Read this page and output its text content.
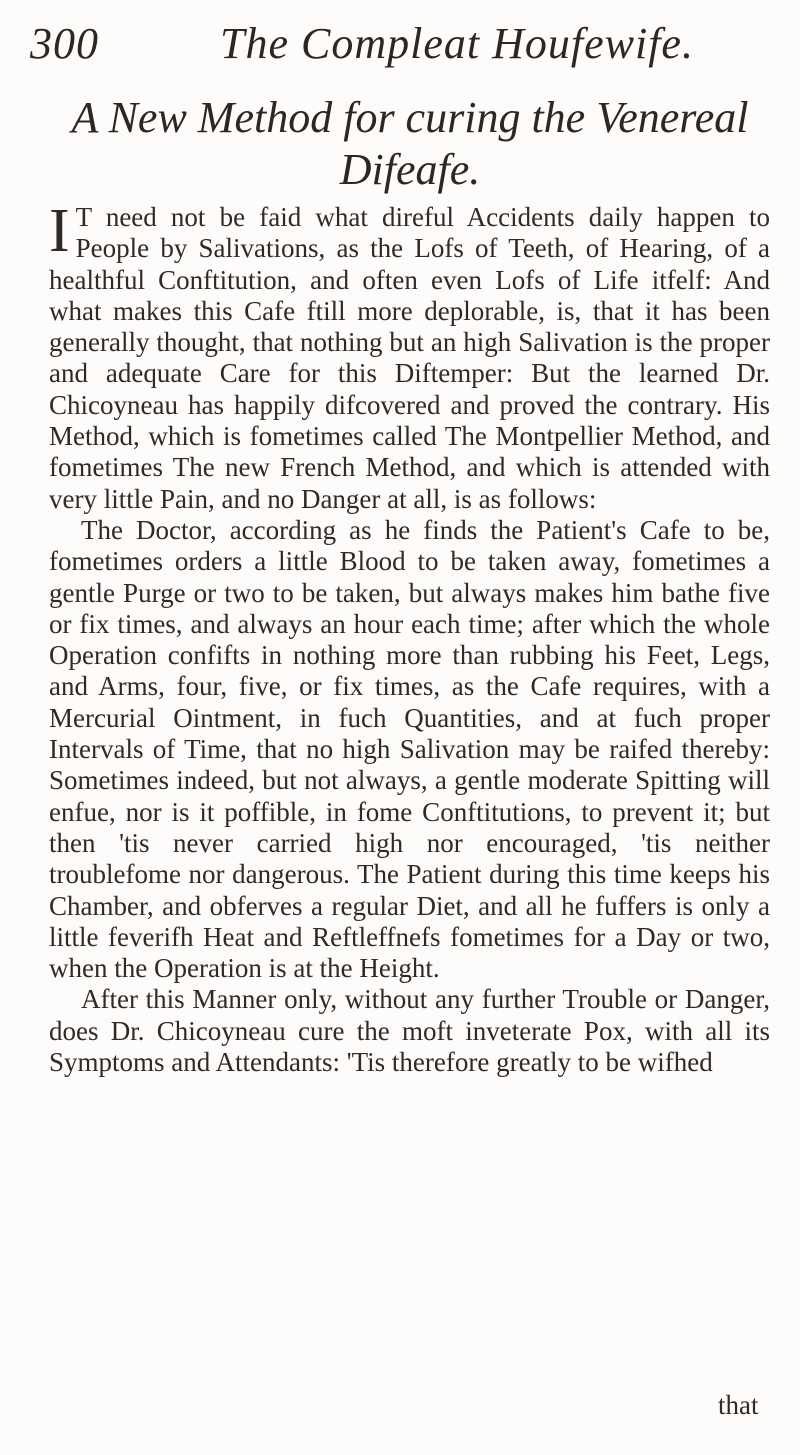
300	The Compleat Houfewife.
A New Method for curing the Venereal
Difeafe.

I T need not be faid what direful Accidents daily happen to People by Salivations, as the Lofs of Teeth, of Hearing, of a healthful Conftitution, and often even Lofs of Life itfelf: And what makes this Cafe ftill more deplorable, is, that it has been generally thought, that nothing but an high Salivation is the proper and adequate Care for this Diftemper: But the learned Dr. Chicoyneau has happily difcovered and proved the contrary. His Method, which is fometimes called The Montpellier Method, and fometimes The new French Method, and which is attended with very little Pain, and no Danger at all, is as follows:

The Doctor, according as he finds the Patient's Cafe to be, fometimes orders a little Blood to be taken away, fometimes a gentle Purge or two to be taken, but always makes him bathe five or fix times, and always an hour each time; after which the whole Operation confifts in nothing more than rubbing his Feet, Legs, and Arms, four, five, or fix times, as the Cafe requires, with a Mercurial Ointment, in fuch Quantities, and at fuch proper Intervals of Time, that no high Salivation may be raifed thereby: Sometimes indeed, but not always, a gentle moderate Spitting will enfue, nor is it poffible, in fome Conftitutions, to prevent it; but then 'tis never carried high nor encouraged, 'tis neither troublefome nor dangerous. The Patient during this time keeps his Chamber, and obferves a regular Diet, and all he fuffers is only a little feverifh Heat and Reftleffnefs fometimes for a Day or two, when the Operation is at the Height.

After this Manner only, without any further Trouble or Danger, does Dr. Chicoyneau cure the moft inveterate Pox, with all its Symptoms and Attendants: 'Tis therefore greatly to be wifhed

that
